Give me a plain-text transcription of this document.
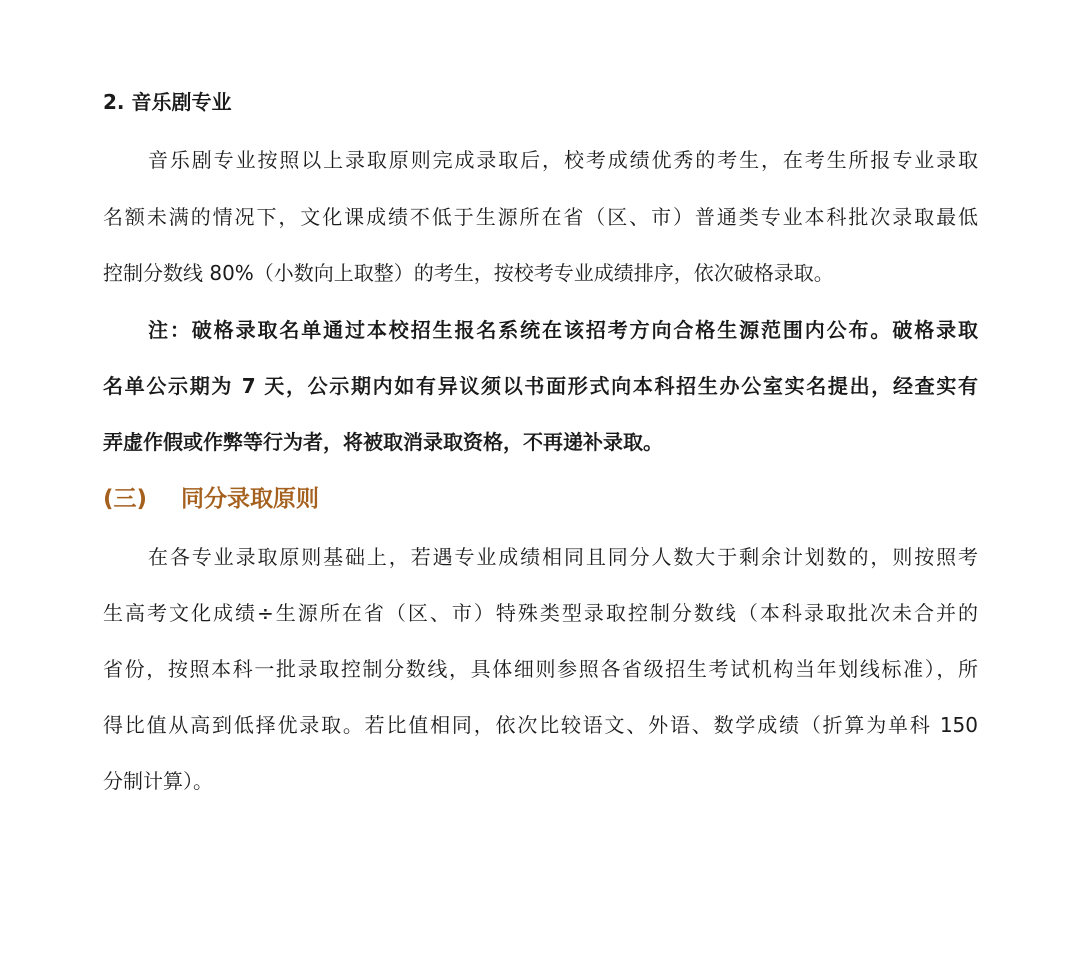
2. 音乐剧专业
音乐剧专业按照以上录取原则完成录取后，校考成绩优秀的考生，在考生所报专业录取
名额未满的情况下，文化课成绩不低于生源所在省（区、市）普通类专业本科批次录取最低
控制分数线 80%（小数向上取整）的考生，按校考专业成绩排序，依次破格录取。
注：破格录取名单通过本校招生报名系统在该招考方向合格生源范围内公布。破格录取
名单公示期为 7 天，公示期内如有异议须以书面形式向本科招生办公室实名提出，经查实有
弄虚作假或作弊等行为者，将被取消录取资格，不再递补录取。
(三) 同分录取原则
在各专业录取原则基础上，若遇专业成绩相同且同分人数大于剩余计划数的，则按照考
生高考文化成绩÷生源所在省（区、市）特殊类型录取控制分数线（本科录取批次未合并的
省份，按照本科一批录取控制分数线，具体细则参照各省级招生考试机构当年划线标准），所
得比值从高到低择优录取。若比值相同，依次比较语文、外语、数学成绩（折算为单科 150
分制计算）。
